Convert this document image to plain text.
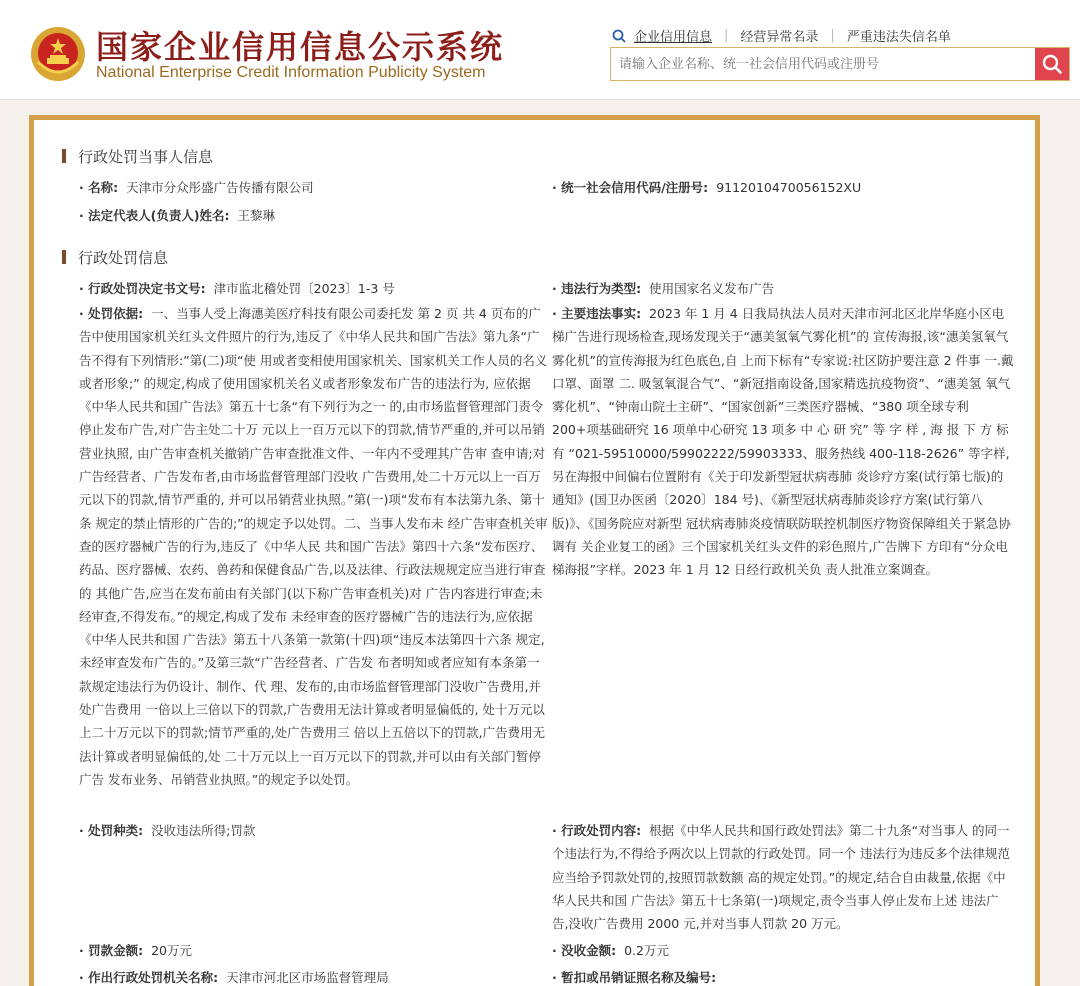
国家企业信用信息公示系统
National Enterprise Credit Information Publicity System
企业信用信息 | 经营异常名录 | 严重违法失信名单
请输入企业名称、统一社会信用代码或注册号
行政处罚当事人信息
· 名称: 天津市分众彤盛广告传播有限公司	· 统一社会信用代码/注册号: 9112010470056152XU
· 法定代表人(负责人)姓名: 王黎琳
行政处罚信息
· 行政处罚决定书文号: 津市监北稽处罚〔2023〕1-3 号	· 违法行为类型: 使用国家名义发布广告
· 处罚依据: 一、当事人受上海潓美医疗科技有限公司委托发 第 2 页 共 4 页布的广告中使用国家机关红头文件照片的行为,违反了《中华人民共和国广告法》第九条“广告不得有下列情形:”第(二)项“使 用或者变相使用国家机关、国家机关工作人员的名义或者形象;” 的规定,构成了使用国家机关名义或者形象发布广告的违法行为, 应依据《中华人民共和国广告法》第五十七条“有下列行为之一 的,由市场监督管理部门责令停止发布广告,对广告主处二十万 元以上一百万元以下的罚款,情节严重的,并可以吊销营业执照, 由广告审查机关撤销广告审查批准文件、一年内不受理其广告审 查申请;对广告经营者、广告发布者,由市场监督管理部门没收 广告费用,处二十万元以上一百万元以下的罚款,情节严重的, 并可以吊销营业执照。”第(一)项“发布有本法第九条、第十条 规定的禁止情形的广告的;”的规定予以处罚。二、当事人发布未 经广告审查机关审查的医疗器械广告的行为,违反了《中华人民 共和国广告法》第四十六条“发布医疗、药品、医疗器械、农药、兽药和保健食品广告,以及法律、行政法规规定应当进行审查的 其他广告,应当在发布前由有关部门(以下称广告审查机关)对 广告内容进行审查;未经审查,不得发布。”的规定,构成了发布 未经审查的医疗器械广告的违法行为,应依据《中华人民共和国 广告法》第五十八条第一款第(十四)项“违反本法第四十六条 规定,未经审查发布广告的。”及第三款“广告经营者、广告发 布者明知或者应知有本条第一款规定违法行为仍设计、制作、代 理、发布的,由市场监督管理部门没收广告费用,并处广告费用 一倍以上三倍以下的罚款,广告费用无法计算或者明显偏低的, 处十万元以上二十万元以下的罚款;情节严重的,处广告费用三 倍以上五倍以下的罚款,广告费用无法计算或者明显偏低的,处 二十万元以上一百万元以下的罚款,并可以由有关部门暂停广告 发布业务、吊销营业执照。”的规定予以处罚。
· 主要违法事实: 2023 年 1 月 4 日我局执法人员对天津市河北区北岸华庭小区电梯广告进行现场检查,现场发现关于“潓美氢氧气雾化机”的 宣传海报,该“潓美氢氧气雾化机”的宣传海报为红色底色,自 上而下标有“专家说:社区防护要注意 2 件事 一.戴口罩、面罩 二. 吸氢氧混合气”、“新冠指南设备,国家精选抗疫物资”、“潓美氢 氧气雾化机”、“钟南山院士主研”、“国家创新”三类医疗器械、“380 项全球专利 200+项基础研究 16 项单中心研究 13 项多 中 心 研 究” 等 字 样 , 海 报 下 方 标 有 “021-59510000/59902222/59903333、服务热线 400-118-2626” 等字样,另在海报中间偏右位置附有《关于印发新型冠状病毒肺 炎诊疗方案(试行第七版)的通知》(国卫办医函〔2020〕184 号)、《新型冠状病毒肺炎诊疗方案(试行第八版)》、《国务院应对新型 冠状病毒肺炎疫情联防联控机制医疗物资保障组关于紧急协调有 关企业复工的函》三个国家机关红头文件的彩色照片,广告牌下 方印有“分众电梯海报”字样。2023 年 1 月 12 日经行政机关负 责人批准立案调查。
· 处罚种类: 没收违法所得;罚款	· 行政处罚内容: 根据《中华人民共和国行政处罚法》第二十九条“对当事人 的同一个违法行为,不得给予两次以上罚款的行政处罚。同一个 违法行为违反多个法律规范应当给予罚款处罚的,按照罚款数额 高的规定处罚。”的规定,结合自由裁量,依据《中华人民共和国 广告法》第五十七条第(一)项规定,责令当事人停止发布上述 违法广告,没收广告费用 2000 元,并对当事人罚款 20 万元。
· 罚款金额: 20万元	· 没收金额: 0.2万元
· 作出行政处罚机关名称: 天津市河北区市场监督管理局	· 暂扣或吊销证照名称及编号:
